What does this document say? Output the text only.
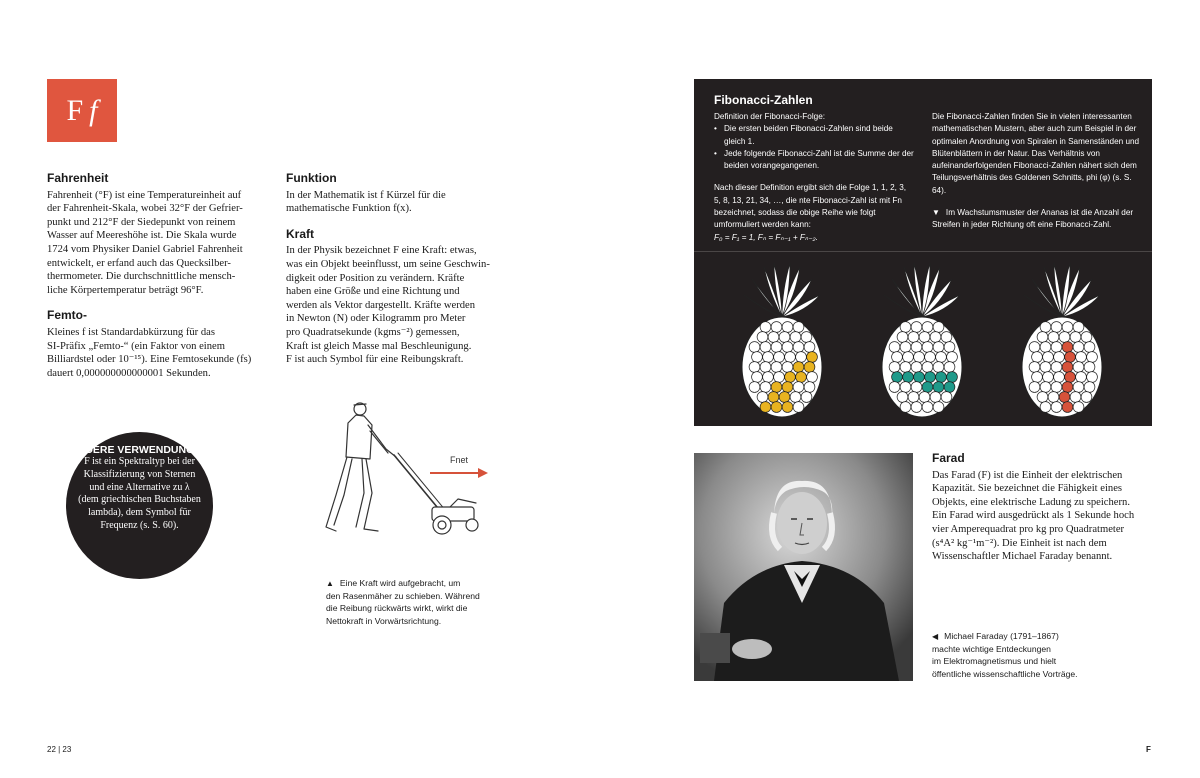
F f
Fahrenheit

Fahrenheit (°F) ist eine Temperatureinheit auf
der Fahrenheit-Skala, wobei 32°F der Gefrier-
punkt und 212°F der Siedepunkt von reinem
Wasser auf Meereshöhe ist. Die Skala wurde
1724 vom Physiker Daniel Gabriel Fahrenheit
entwickelt, er erfand auch das Quecksilber-
thermometer. Die durchschnittliche mensch-
liche Körpertemperatur beträgt 96°F.

Femto-

Kleines f ist Standardabkürzung für das
SI-Präfix „Femto-“ (ein Faktor von einem
Billiardstel oder 10⁻¹⁵). Eine Femtosekunde (fs)
dauert 0,000000000000001 Sekunden.

Funktion

In der Mathematik ist f Kürzel für die
mathematische Funktion f(x).

Kraft

In der Physik bezeichnet F eine Kraft: etwas,
was ein Objekt beeinflusst, um seine Geschwin-
digkeit oder Position zu verändern. Kräfte
haben eine Größe und eine Richtung und
werden als Vektor dargestellt. Kräfte werden
in Newton (N) oder Kilogramm pro Meter
pro Quadratsekunde (kgms⁻²) gemessen,
Kraft ist gleich Masse mal Beschleunigung.
F ist auch Symbol für eine Reibungskraft.

ANDERE VERWENDUNGEN

F ist ein Spektraltyp bei der
Klassifizierung von Sternen
und eine Alternative zu λ
(dem griechischen Buchstaben
lambda), dem Symbol für
Frequenz (s. S. 60).

Fnet
▲ Eine Kraft wird aufgebracht, um
den Rasenmäher zu schieben. Während
die Reibung rückwärts wirkt, wirkt die
Nettokraft in Vorwärtsrichtung.
Fibonacci-Zahlen
Definition der Fibonacci-Folge:
• Die ersten beiden Fibonacci-Zahlen sind beide gleich 1.
• Jede folgende Fibonacci-Zahl ist die Summe der der beiden vorangegangenen.
Nach dieser Definition ergibt sich die Folge 1, 1, 2, 3, 5, 8, 13, 21, 34, …, die nte Fibonacci-Zahl ist mit Fn bezeichnet, sodass die obige Reihe wie folgt umformuliert werden kann:
F₀ = F₁ = 1, Fₙ = Fₙ₋₁ + Fₙ₋₂.
Die Fibonacci-Zahlen finden Sie in vielen interessanten mathematischen Mustern, aber auch zum Beispiel in der optimalen Anordnung von Spiralen in Samenständen und Blütenblättern in der Natur. Das Verhältnis von aufeinanderfolgenden Fibonacci-Zahlen nähert sich dem Teilungsverhältnis des Goldenen Schnitts, phi (φ) (s. S. 64).
▼ Im Wachstumsmuster der Ananas ist die Anzahl der Streifen in jeder Richtung oft eine Fibonacci-Zahl.
Farad

Das Farad (F) ist die Einheit der elektrischen
Kapazität. Sie bezeichnet die Fähigkeit eines
Objekts, eine elektrische Ladung zu speichern.
Ein Farad wird ausgedrückt als 1 Sekunde hoch
vier Amperequadrat pro kg pro Quadratmeter
(s⁴A² kg⁻¹m⁻²). Die Einheit ist nach dem
Wissenschaftler Michael Faraday benannt.

◀ Michael Faraday (1791–1867)
machte wichtige Entdeckungen
im Elektromagnetismus und hielt
öffentliche wissenschaftliche Vorträge.
22 | 23	F
